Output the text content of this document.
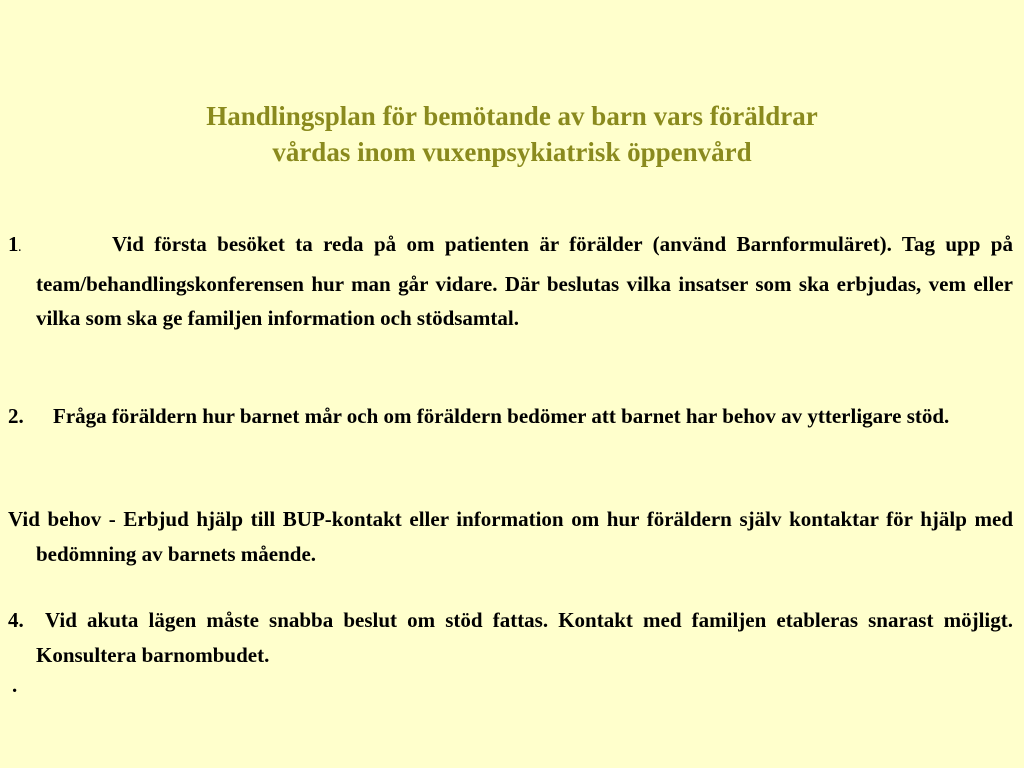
Handlingsplan för bemötande av barn vars föräldrar
vårdas inom vuxenpsykiatrisk öppenvård
1.	Vid första besöket ta reda på om patienten är förälder (använd Barnformuläret). Tag upp på team/behandlingskonferensen hur man går vidare. Där beslutas vilka insatser som ska erbjudas, vem eller vilka som ska ge familjen information och stödsamtal.
2. Fråga föräldern hur barnet mår och om föräldern bedömer att barnet har behov av ytterligare stöd.
Vid behov - Erbjud hjälp till BUP-kontakt eller information om hur föräldern själv kontaktar för hjälp med bedömning av barnets mående.
4. Vid akuta lägen måste snabba beslut om stöd fattas. Kontakt med familjen etableras snarast möjligt. Konsultera barnombudet.
.
